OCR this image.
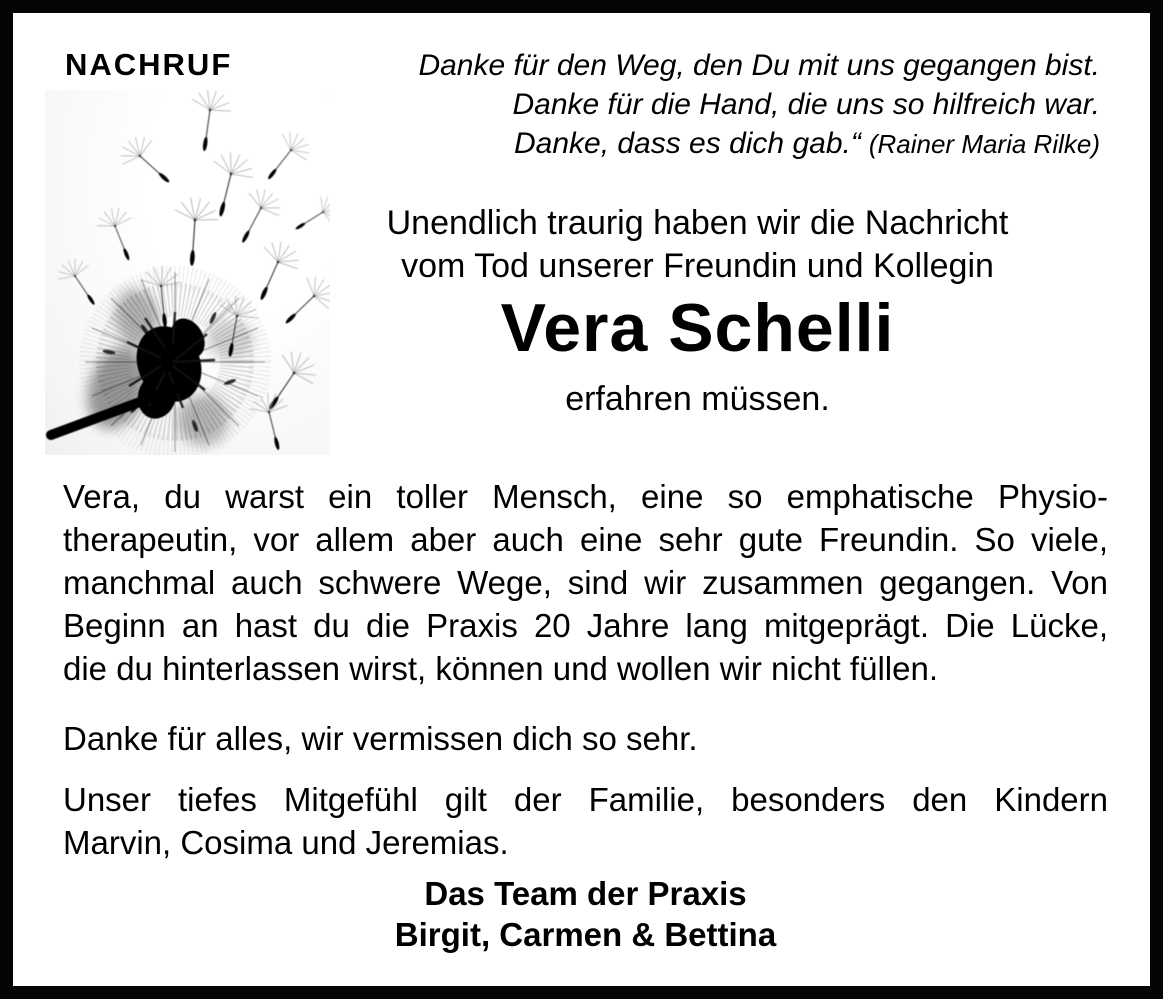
NACHRUF	Danke für den Weg, den Du mit uns gegangen bist.
Danke für die Hand, die uns so hilfreich war.
Danke, dass es dich gab.“ (Rainer Maria Rilke)
Unendlich traurig haben wir die Nachricht
vom Tod unserer Freundin und Kollegin
Vera Schelli
erfahren müssen.
Vera, du warst ein toller Mensch, eine so emphatische Physio-
therapeutin, vor allem aber auch eine sehr gute Freundin. So viele,
manchmal auch schwere Wege, sind wir zusammen gegangen. Von
Beginn an hast du die Praxis 20 Jahre lang mitgeprägt. Die Lücke,
die du hinterlassen wirst, können und wollen wir nicht füllen.
Danke für alles, wir vermissen dich so sehr.
Unser tiefes Mitgefühl gilt der Familie, besonders den Kindern
Marvin, Cosima und Jeremias.
Das Team der Praxis
Birgit, Carmen & Bettina
